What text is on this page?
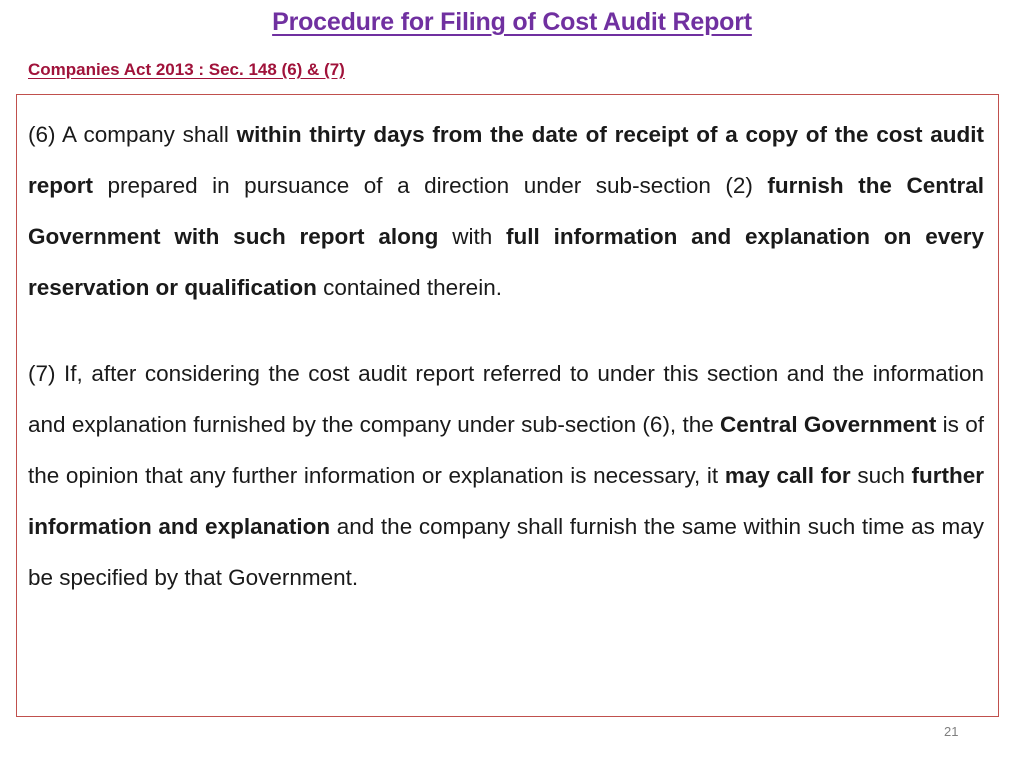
Procedure for Filing of Cost Audit Report
Companies Act 2013 : Sec. 148 (6) & (7)

(6) A company shall within thirty days from the date of receipt of a copy of the cost audit report prepared in pursuance of a direction under sub-section (2) furnish the Central Government with such report along with full information and explanation on every reservation or qualification contained therein.

(7) If, after considering the cost audit report referred to under this section and the information and explanation furnished by the company under sub-section (6), the Central Government is of the opinion that any further information or explanation is necessary, it may call for such further information and explanation and the company shall furnish the same within such time as may be specified by that Government.

21
